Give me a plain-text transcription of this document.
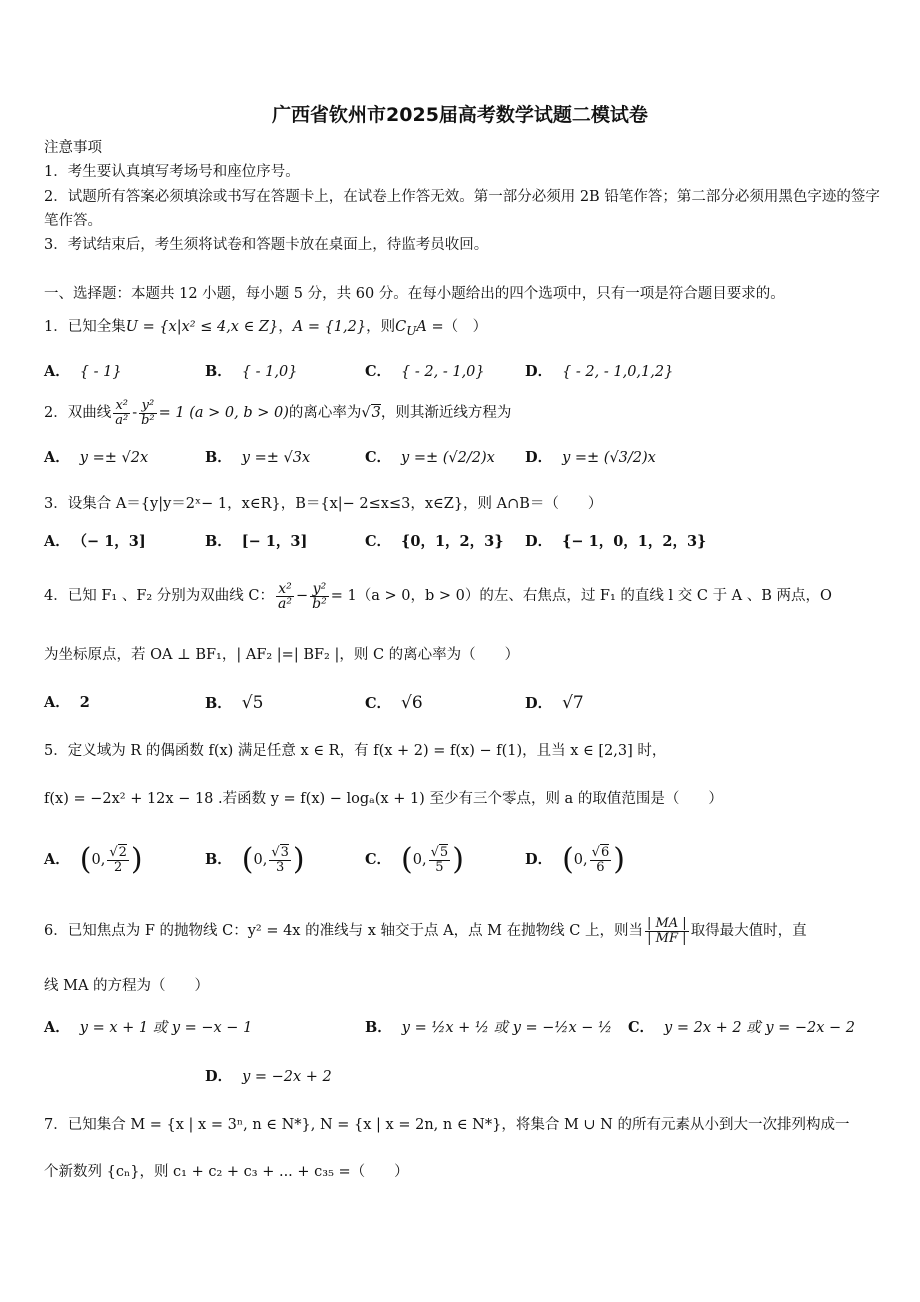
广西省钦州市2025届高考数学试题二模试卷
注意事项
1．考生要认真填写考场号和座位序号。
2．试题所有答案必须填涂或书写在答题卡上，在试卷上作答无效。第一部分必须用 2B 铅笔作答；第二部分必须用黑色字迹的签字笔作答。
3．考试结束后，考生须将试卷和答题卡放在桌面上，待监考员收回。
一、选择题：本题共 12 小题，每小题 5 分，共 60 分。在每小题给出的四个选项中，只有一项是符合题目要求的。
1．已知全集U = {x|x² ≤ 4,x ∈ Z}，A = {1,2}，则$C_UA$ =（　）
A． { - 1}	B． { - 1,0}	C． { - 2, - 1,0}	D． { - 2, - 1,0,1,2}
2．双曲线 $\frac{\text{x²}}{\text{a²}} - \frac{\text{y²}}{\text{b²}} = 1$ (a > 0, b > 0)的离心率为√3，则其渐近线方程为
A． y =± √2x	B． y =± √3x	C． y =± (√2/2)x D． y =± (√3/2)x
3．设集合 A＝{y|y＝2ˣ− 1，x∈R}，B＝{x|− 2≤x≤3，x∈Z}，则 A∩B＝（　　）
A． （− 1，3]	B． [− 1，3]	C． {0，1，2，3} D． {− 1，0，1，2，3}
4．已知 F₁ 、F₂ 分别为双曲线 C： $\frac{\text{x²}}{\text{a²}} - \frac{\text{y²}}{\text{b²}} = 1(a > 0$，b > 0）的左、右焦点，过 F₁ 的直线 l 交 C 于 A 、B 两点，O
为坐标原点，若 OA ⊥ BF₁，| AF₂ |=| BF₂ |，则 C 的离心率为（　　）
A． 2	B． √5	C． √6	D． √7
5．定义域为 R 的偶函数 f(x) 满足任意 x ∈ R，有 f(x + 2) = f(x) − f(1)，且当 x ∈ [2,3] 时，
f(x) = −2x² + 12x − 18 .若函数 y = f(x) − logₐ(x + 1) 至少有三个零点，则 a 的取值范围是（　　）
A． (0, $\frac{√2}{2}$ )	B． (0, $\frac{√3}{3}$ )	C． (0, $\frac{√5}{5}$ )	D． (0, $\frac{√6}{6}$ )
6．已知焦点为 F 的抛物线 C：y² = 4x 的准线与 x 轴交于点 A，点 M 在抛物线 C 上，则当 $\frac{| MA |}{| MF |}$ 取得最大值时，直
线 MA 的方程为（　　）
A． y = x + 1 或 y = −x − 1	B． y = ½x + ½ 或 y = −½x − ½ C． y = 2x + 2 或 y = −2x − 2
D． y = −2x + 2
7．已知集合 M = {x | x = 3ⁿ, n ∈ N*}, N = {x | x = 2n, n ∈ N*}，将集合 M ∪ N 的所有元素从小到大一次排列构成一
个新数列 {cₙ}，则 c₁ + c₂ + c₃ + ... + c₃₅ =（　　）
